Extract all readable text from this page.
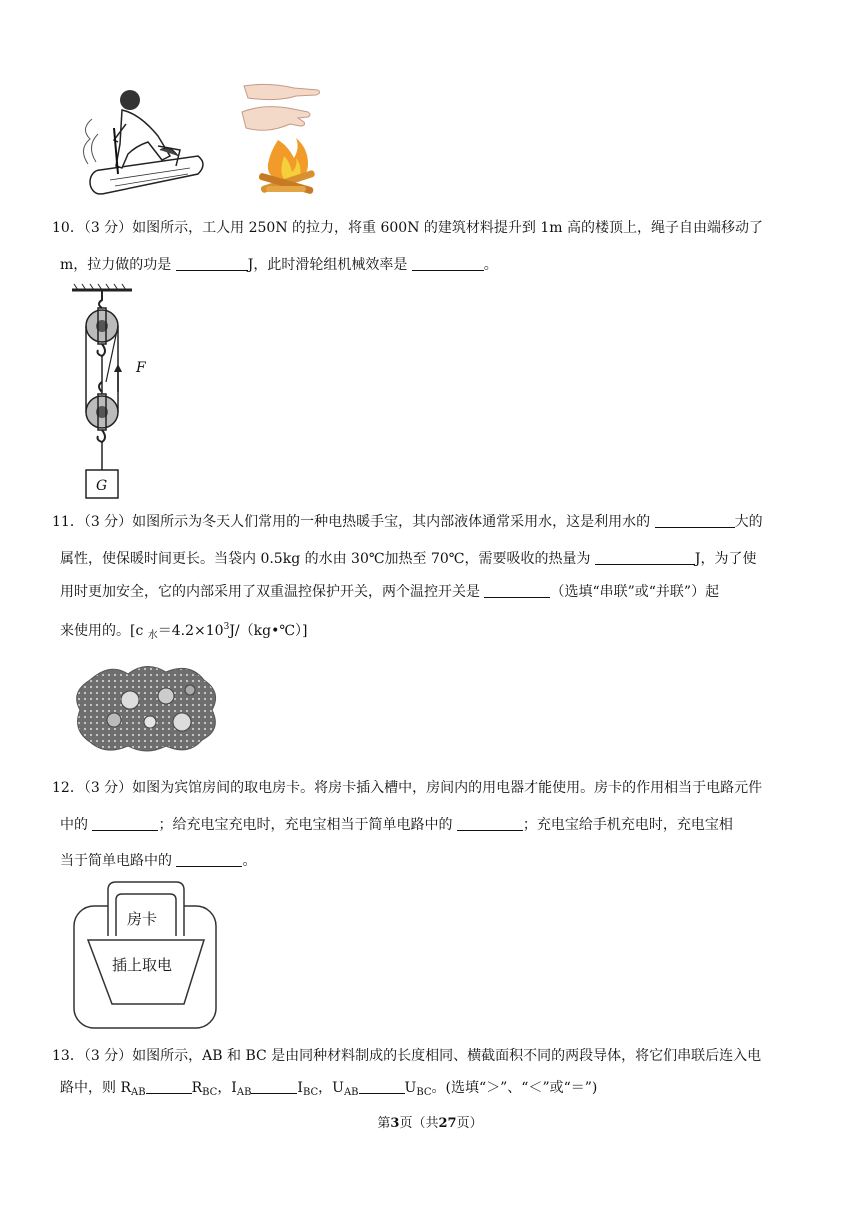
10．（3 分）如图所示，工人用 250N 的拉力，将重 600N 的建筑材料提升到 1m 高的楼顶上，绳子自由端移动了
m，拉力做的功是	J，此时滑轮组机械效率是	。
F
G
11．（3 分）如图所示为冬天人们常用的一种电热暖手宝，其内部液体通常采用水，这是利用水的	大的
属性，使保暖时间更长。当袋内 0.5kg 的水由 30℃加热至 70℃，需要吸收的热量为	J，为了使
用时更加安全，它的内部采用了双重温控保护开关，两个温控开关是	（选填“串联”或“并联”）起
来使用的。[c $_水=4.2\times 10^3J/(kg•℃)$]
12．（3 分）如图为宾馆房间的取电房卡。将房卡插入槽中，房间内的用电器才能使用。房卡的作用相当于电路元件
中的	；给充电宝充电时，充电宝相当于简单电路中的	；充电宝给手机充电时，充电宝相
当于简单电路中的	。
房卡
插上取电
13．（3 分）如图所示，AB 和 BC 是由同种材料制成的长度相同、横截面积不同的两段导体，将它们串联后连入电
路中，则 $R_{AB}$	$R_{BC}$，$I_{AB}$	$I_{BC}$，$U_{AB}$	$U_{BC}$。(选填“＞”、“＜”或“＝”)
第3页（共27页）
